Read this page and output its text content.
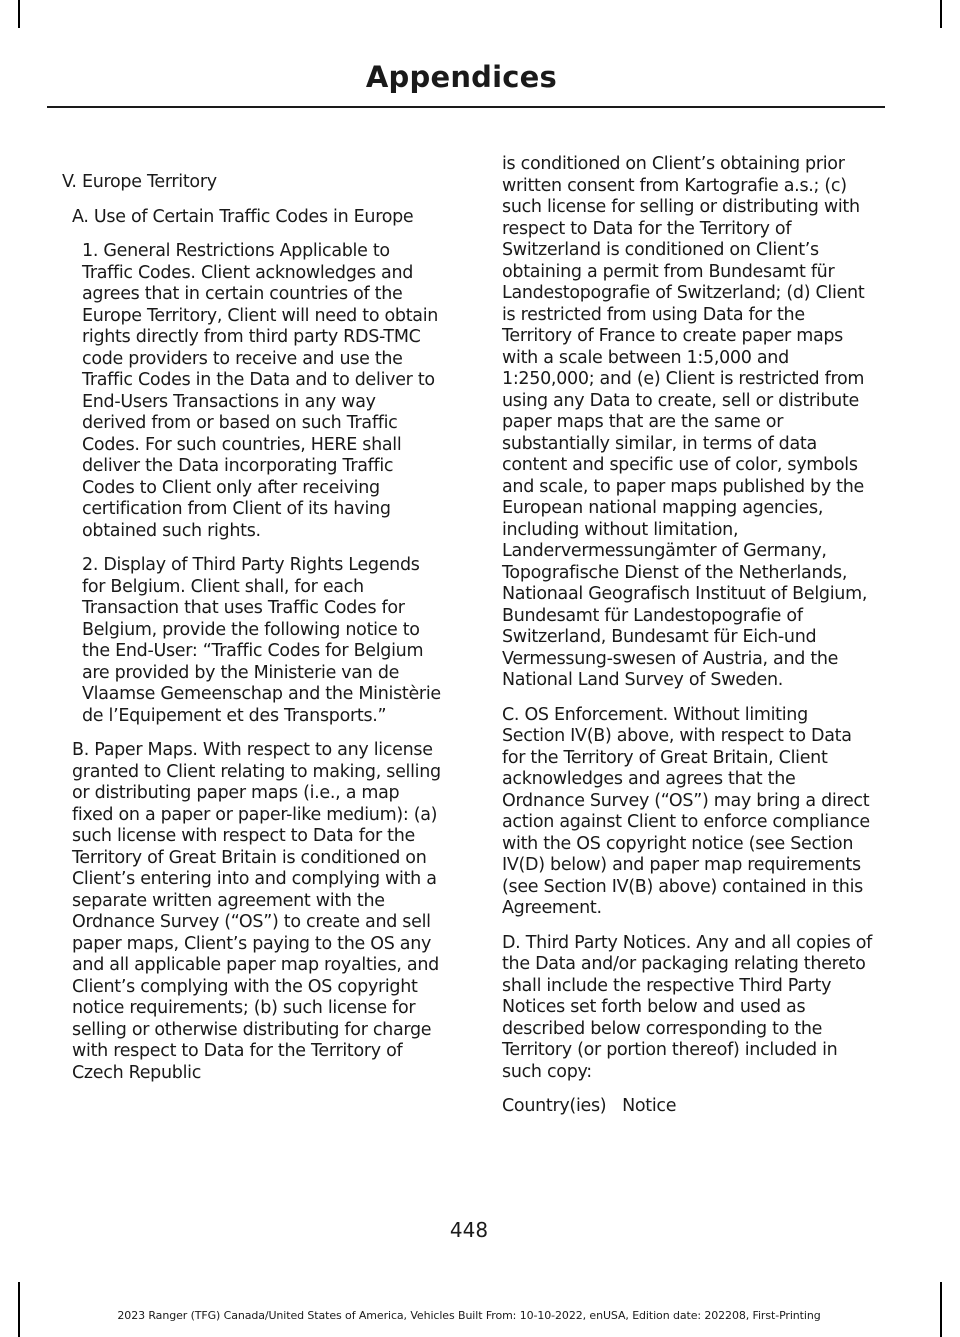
Appendices

V. Europe Territory

A. Use of Certain Traffic Codes in Europe

1. General Restrictions Applicable to Traffic Codes. Client acknowledges and agrees that in certain countries of the Europe Territory, Client will need to obtain rights directly from third party RDS-TMC code providers to receive and use the Traffic Codes in the Data and to deliver to End-Users Transactions in any way derived from or based on such Traffic Codes. For such countries, HERE shall deliver the Data incorporating Traffic Codes to Client only after receiving certification from Client of its having obtained such rights.

2. Display of Third Party Rights Legends for Belgium. Client shall, for each Transaction that uses Traffic Codes for Belgium, provide the following notice to the End-User: “Traffic Codes for Belgium are provided by the Ministerie van de Vlaamse Gemeenschap and the Ministèrie de l’Equipement et des Transports.”

B. Paper Maps. With respect to any license granted to Client relating to making, selling or distributing paper maps (i.e., a map fixed on a paper or paper-like medium): (a) such license with respect to Data for the Territory of Great Britain is conditioned on Client’s entering into and complying with a separate written agreement with the Ordnance Survey (“OS”) to create and sell paper maps, Client’s paying to the OS any and all applicable paper map royalties, and Client’s complying with the OS copyright notice requirements; (b) such license for selling or otherwise distributing for charge with respect to Data for the Territory of Czech Republic

is conditioned on Client’s obtaining prior written consent from Kartografie a.s.; (c) such license for selling or distributing with respect to Data for the Territory of Switzerland is conditioned on Client’s obtaining a permit from Bundesamt für Landestopografie of Switzerland; (d) Client is restricted from using Data for the Territory of France to create paper maps with a scale between 1:5,000 and 1:250,000; and (e) Client is restricted from using any Data to create, sell or distribute paper maps that are the same or substantially similar, in terms of data content and specific use of color, symbols and scale, to paper maps published by the European national mapping agencies, including without limitation, Landervermessungämter of Germany, Topografische Dienst of the Netherlands, Nationaal Geografisch Instituut of Belgium, Bundesamt für Landestopografie of Switzerland, Bundesamt für Eich-und Vermessung-swesen of Austria, and the National Land Survey of Sweden.

C. OS Enforcement. Without limiting Section IV(B) above, with respect to Data for the Territory of Great Britain, Client acknowledges and agrees that the Ordnance Survey (“OS”) may bring a direct action against Client to enforce compliance with the OS copyright notice (see Section IV(D) below) and paper map requirements (see Section IV(B) above) contained in this Agreement.

D. Third Party Notices. Any and all copies of the Data and/or packaging relating thereto shall include the respective Third Party Notices set forth below and used as described below corresponding to the Territory (or portion thereof) included in such copy:

Country(ies)   Notice

448
2023 Ranger (TFG) Canada/United States of America, Vehicles Built From: 10-10-2022, enUSA, Edition date: 202208, First-Printing
